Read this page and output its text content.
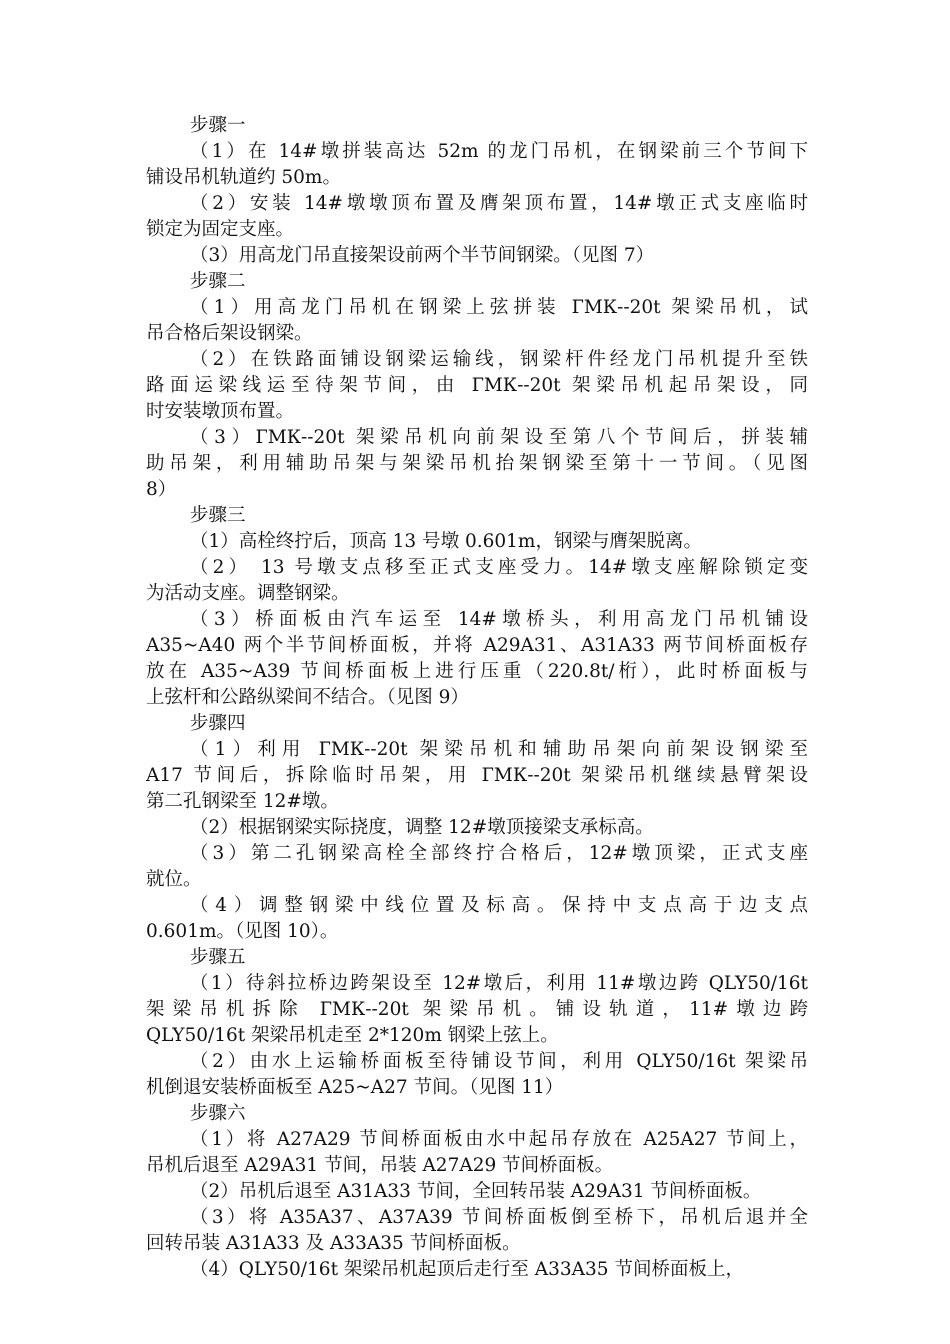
步骤一
（1）在 14#墩拼装高达 52m 的龙门吊机，在钢梁前三个节间下
铺设吊机轨道约 50m。
（2）安装 14#墩墩顶布置及膺架顶布置，14#墩正式支座临时
锁定为固定支座。
（3）用高龙门吊直接架设前两个半节间钢梁。（见图 7）
步骤二
（1）用高龙门吊机在钢梁上弦拼装 ГМК--20t 架梁吊机，试
吊合格后架设钢梁。
（2）在铁路面铺设钢梁运输线，钢梁杆件经龙门吊机提升至铁
路面运梁线运至待架节间，由 ГМК--20t 架梁吊机起吊架设，同
时安装墩顶布置。
（3）ГМК--20t 架梁吊机向前架设至第八个节间后，拼装辅
助吊架，利用辅助吊架与架梁吊机抬架钢梁至第十一节间。（见图
8）
步骤三
（1）高栓终拧后，顶高 13 号墩 0.601m，钢梁与膺架脱离。
（2） 13 号墩支点移至正式支座受力。14#墩支座解除锁定变
为活动支座。调整钢梁。
（3）桥面板由汽车运至 14#墩桥头，利用高龙门吊机铺设
A35~A40 两个半节间桥面板，并将 A29A31、A31A33 两节间桥面板存
放在 A35~A39 节间桥面板上进行压重（220.8t/桁），此时桥面板与
上弦杆和公路纵梁间不结合。（见图 9）
步骤四
（1）利用 ГМК--20t 架梁吊机和辅助吊架向前架设钢梁至
A17 节间后，拆除临时吊架，用 ГМК--20t 架梁吊机继续悬臂架设
第二孔钢梁至 12#墩。
（2）根据钢梁实际挠度，调整 12#墩顶接梁支承标高。
（3）第二孔钢梁高栓全部终拧合格后，12#墩顶梁，正式支座
就位。
（4）调整钢梁中线位置及标高。保持中支点高于边支点
0.601m。（见图 10）。
步骤五
（1）待斜拉桥边跨架设至 12#墩后，利用 11#墩边跨 QLY50/16t
架梁吊机拆除 ГМК--20t 架梁吊机。铺设轨道，11#墩边跨
QLY50/16t 架梁吊机走至 2*120m 钢梁上弦上。
（2）由水上运输桥面板至待铺设节间，利用 QLY50/16t 架梁吊
机倒退安装桥面板至 A25~A27 节间。（见图 11）
步骤六
（1）将 A27A29 节间桥面板由水中起吊存放在 A25A27 节间上，
吊机后退至 A29A31 节间，吊装 A27A29 节间桥面板。
（2）吊机后退至 A31A33 节间，全回转吊装 A29A31 节间桥面板。
（3）将 A35A37、A37A39 节间桥面板倒至桥下，吊机后退并全
回转吊装 A31A33 及 A33A35 节间桥面板。
（4）QLY50/16t 架梁吊机起顶后走行至 A33A35 节间桥面板上，
